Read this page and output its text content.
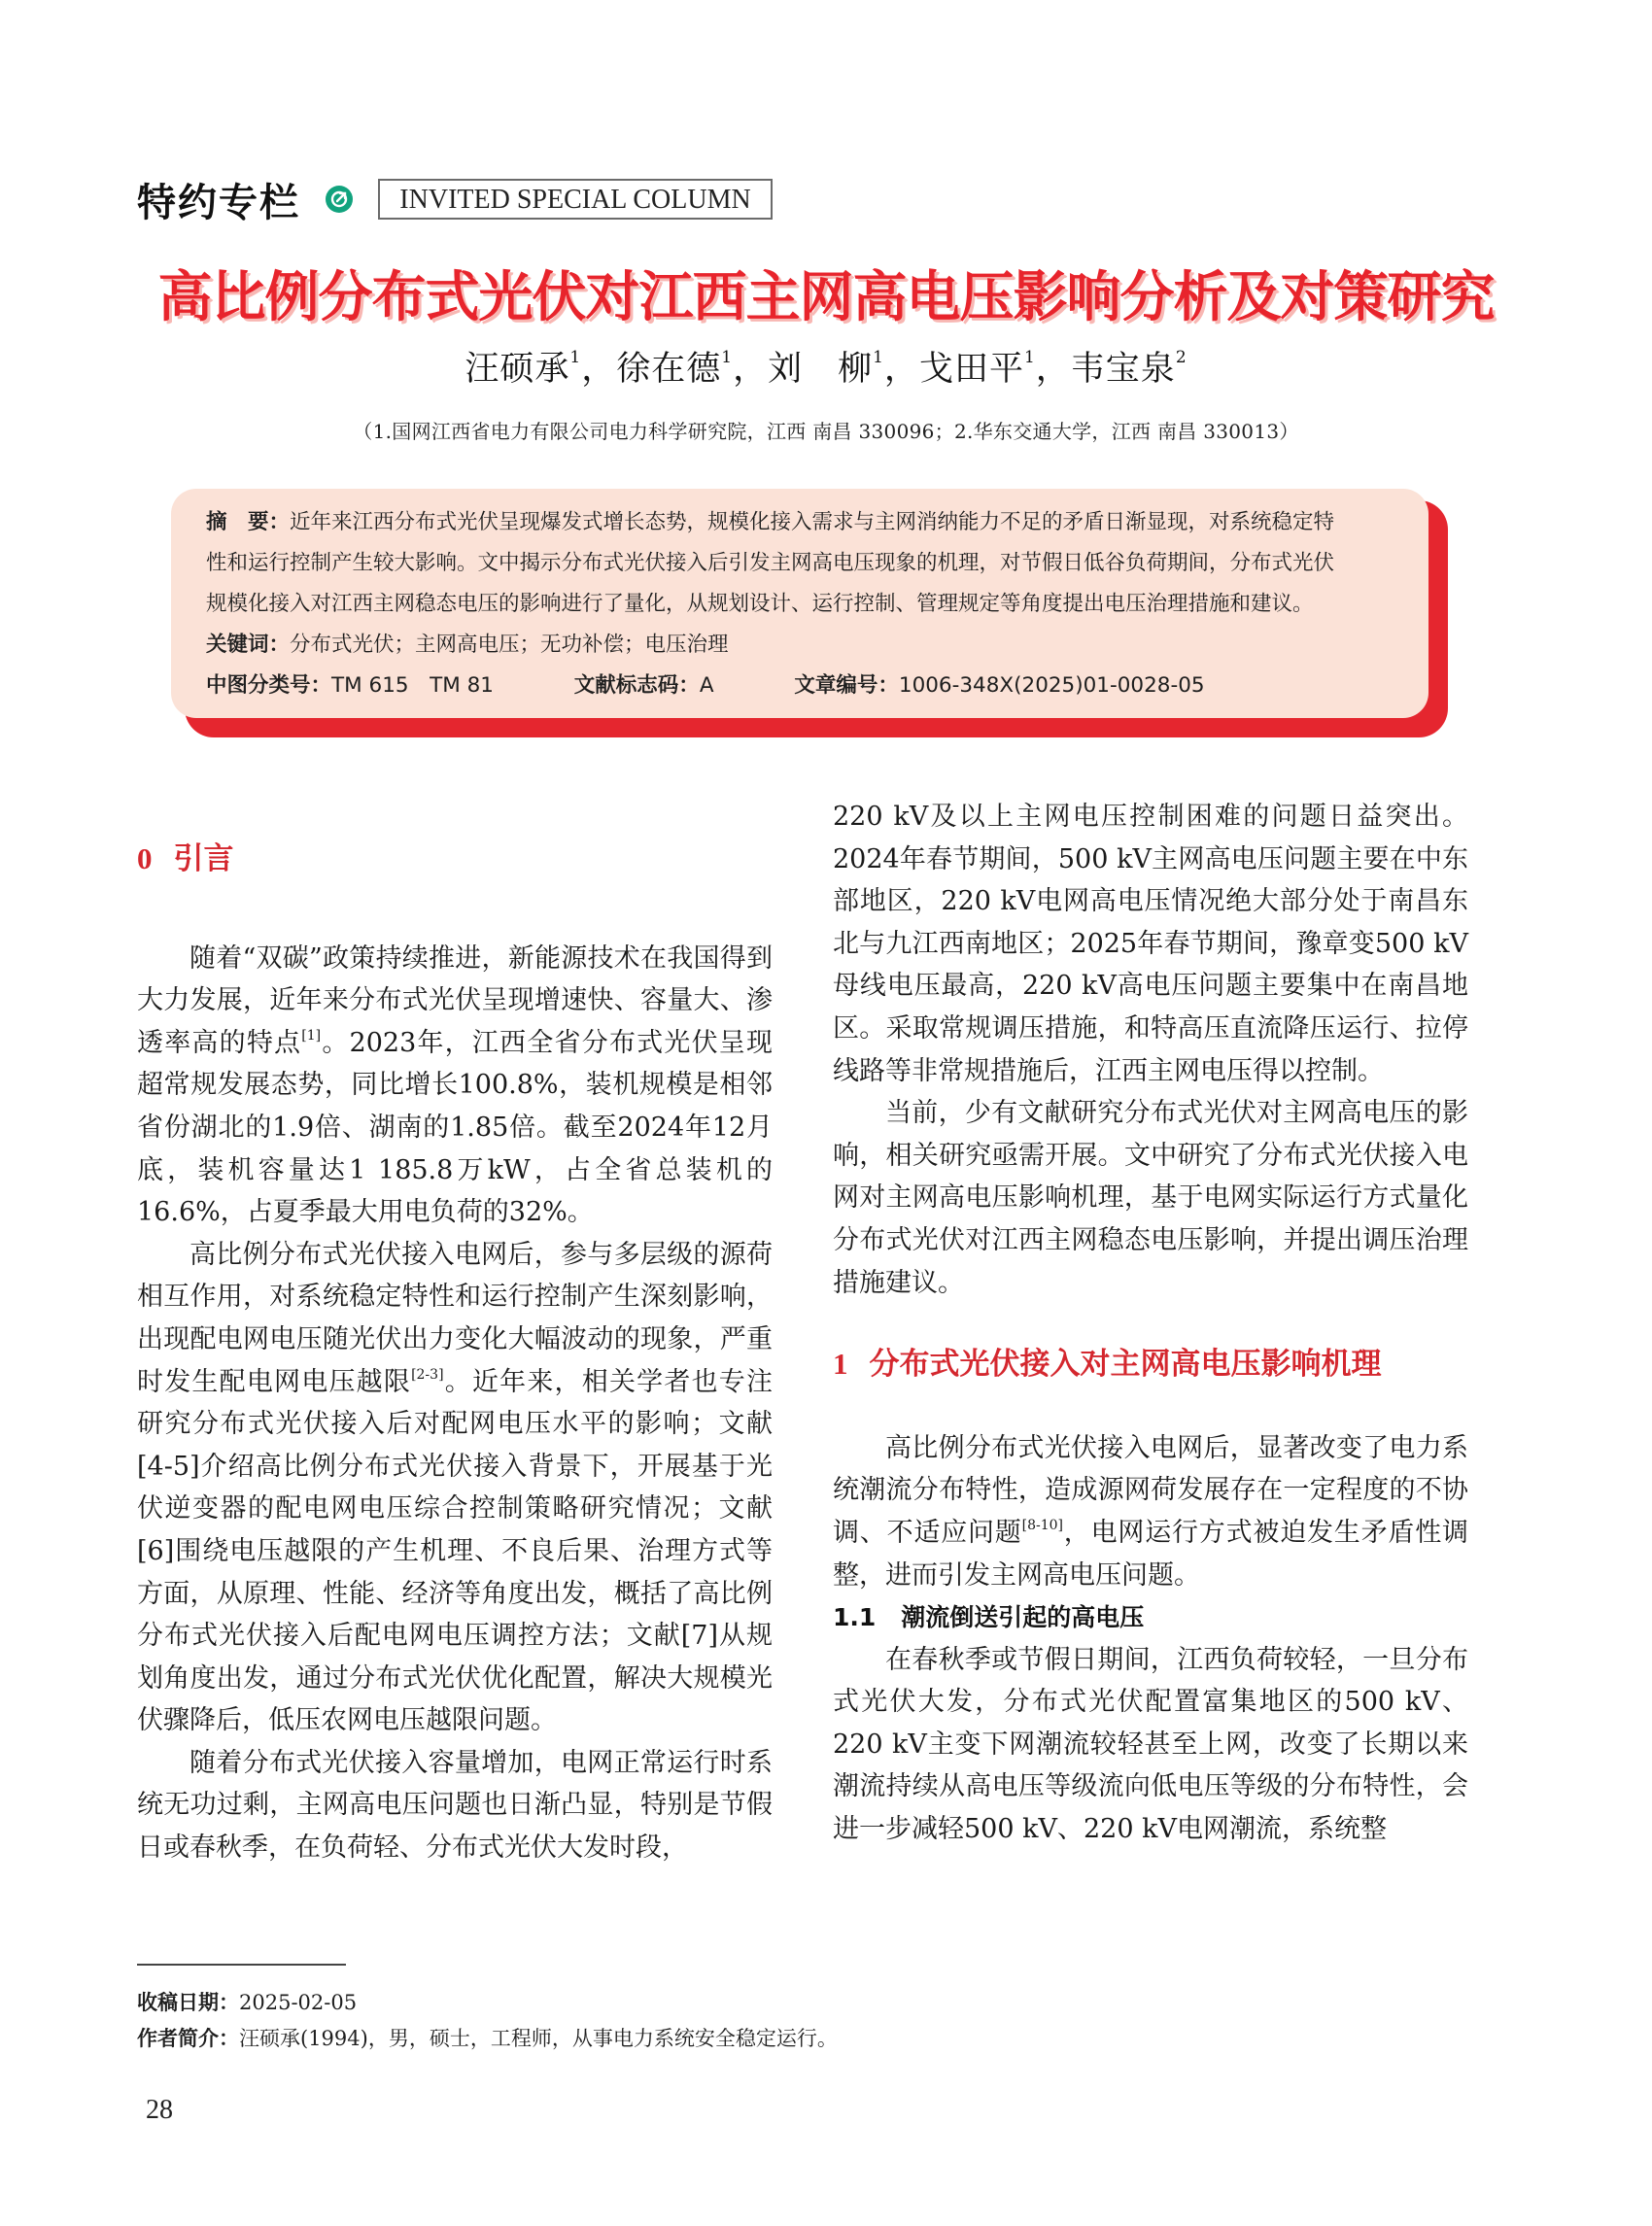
特约专栏	INVITED SPECIAL COLUMN
高比例分布式光伏对江西主网高电压影响分析及对策研究
汪硕承$^1$，徐在德$^1$，刘　柳$^1$，戈田平$^1$，韦宝泉$^2$
（1.国网江西省电力有限公司电力科学研究院，江西 南昌 330096；2.华东交通大学，江西 南昌 330013）
摘　要：近年来江西分布式光伏呈现爆发式增长态势，规模化接入需求与主网消纳能力不足的矛盾日渐显现，对系统稳定特
性和运行控制产生较大影响。文中揭示分布式光伏接入后引发主网高电压现象的机理，对节假日低谷负荷期间，分布式光伏
规模化接入对江西主网稳态电压的影响进行了量化，从规划设计、运行控制、管理规定等角度提出电压治理措施和建议。
关键词：分布式光伏；主网高电压；无功补偿；电压治理
中图分类号：TM 615　TM 81	文献标志码：A	文章编号：1006-348X(2025)01-0028-05
0 引言

随着“双碳”政策持续推进，新能源技术在我国得到大力发展，近年来分布式光伏呈现增速快、容量大、渗透率高的特点[1]。2023年，江西全省分布式光伏呈现超常规发展态势，同比增长100.8%，装机规模是相邻省份湖北的1.9倍、湖南的1.85倍。截至2024年12月底，装机容量达1 185.8万kW，占全省总装机的16.6%，占夏季最大用电负荷的32%。

高比例分布式光伏接入电网后，参与多层级的源荷相互作用，对系统稳定特性和运行控制产生深刻影响，出现配电网电压随光伏出力变化大幅波动的现象，严重时发生配电网电压越限[2-3]。近年来，相关学者也专注研究分布式光伏接入后对配网电压水平的影响；文献[4-5]介绍高比例分布式光伏接入背景下，开展基于光伏逆变器的配电网电压综合控制策略研究情况；文献[6]围绕电压越限的产生机理、不良后果、治理方式等方面，从原理、性能、经济等角度出发，概括了高比例分布式光伏接入后配电网电压调控方法；文献[7]从规划角度出发，通过分布式光伏优化配置，解决大规模光伏骤降后，低压农网电压越限问题。

随着分布式光伏接入容量增加，电网正常运行时系统无功过剩，主网高电压问题也日渐凸显，特别是节假日或春秋季，在负荷轻、分布式光伏大发时段，

220 kV及以上主网电压控制困难的问题日益突出。2024年春节期间，500 kV主网高电压问题主要在中东部地区，220 kV电网高电压情况绝大部分处于南昌东北与九江西南地区；2025年春节期间，豫章变500 kV母线电压最高，220 kV高电压问题主要集中在南昌地区。采取常规调压措施，和特高压直流降压运行、拉停线路等非常规措施后，江西主网电压得以控制。

当前，少有文献研究分布式光伏对主网高电压的影响，相关研究亟需开展。文中研究了分布式光伏接入电网对主网高电压影响机理，基于电网实际运行方式量化分布式光伏对江西主网稳态电压影响，并提出调压治理措施建议。

1 分布式光伏接入对主网高电压影响机理

高比例分布式光伏接入电网后，显著改变了电力系统潮流分布特性，造成源网荷发展存在一定程度的不协调、不适应问题[8-10]，电网运行方式被迫发生矛盾性调整，进而引发主网高电压问题。

1.1 潮流倒送引起的高电压

在春秋季或节假日期间，江西负荷较轻，一旦分布式光伏大发，分布式光伏配置富集地区的500 kV、220 kV主变下网潮流较轻甚至上网，改变了长期以来潮流持续从高电压等级流向低电压等级的分布特性，会进一步减轻500 kV、220 kV电网潮流，系统整

收稿日期：2025-02-05
作者简介：汪硕承(1994)，男，硕士，工程师，从事电力系统安全稳定运行。
28
